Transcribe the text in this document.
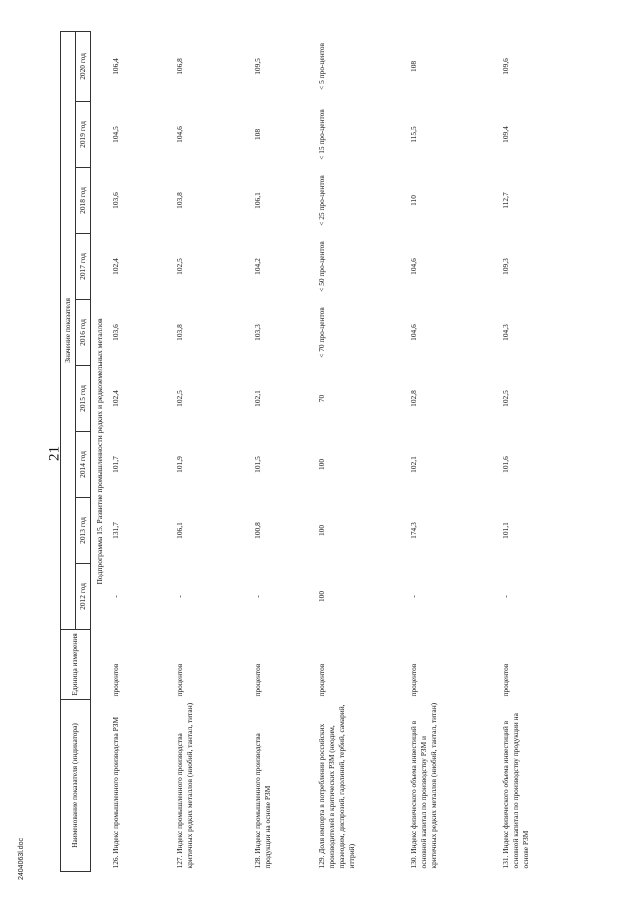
21
Наименование показателя (индикатора)	Единица измерения	Значение показателя								
		2012 год	2013 год	2014 год	2015 год	2016 год	2017 год	2018 год	2019 год	2020 год
Подпрограмма 15. Развитие промышленности редких и редкоземельных металлов										
126. Индекс промышленного производства РЗМ	процентов	-	131,7	101,7	102,4	103,6	102,4	103,6	104,5	106,4
127. Индекс промышленного производства критичных редких металлов (ниобий, тантал, титан)	процентов	-	106,1	101,9	102,5	103,8	102,5	103,8	104,6	106,8
128. Индекс промышленного производства продукции на основе РЗМ	процентов	-	100,8	101,5	102,1	103,3	104,2	106,1	108	109,5
129. Доля импорта в потреблении российских производителей в критических РЗМ (неодим, празеодим, диспрозий, гадолиний, тербий, самарий, иттрий)	процентов	100	100	100	70	< 70 про-центов	< 50 про-центов	< 25 про-центов	< 15 про-центов	< 5 про-центов
130. Индекс физического объема инвестиций в основной капитал по производству РЗМ и критичных редких металлов (ниобий, тантал, титан)	процентов	-	174,3	102,1	102,8	104,6	104,6	110	115,5	108
131. Индекс физического объема инвестиций в основной капитал по производству продукции на основе РЗМ	процентов	-	101,1	101,6	102,5	104,3	109,3	112,7	109,4	109,6
2404063l.doc
